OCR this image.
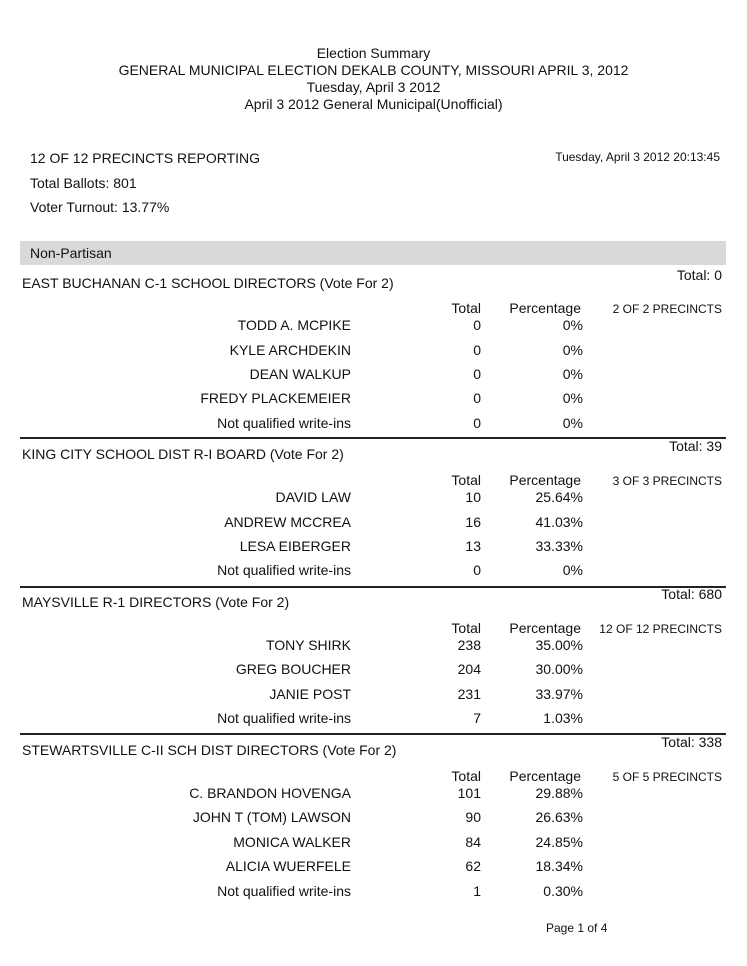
Election Summary
GENERAL MUNICIPAL ELECTION DEKALB COUNTY, MISSOURI APRIL 3, 2012
Tuesday, April 3 2012
April 3 2012 General Municipal(Unofficial)
12 OF 12 PRECINCTS REPORTING	Tuesday, April 3 2012 20:13:45
Total Ballots: 801
Voter Turnout: 13.77%
Non-Partisan
EAST BUCHANAN C-1 SCHOOL DIRECTORS (Vote For 2)	Total: 0
Total Percentage	2 OF 2 PRECINCTS
TODD A. MCPIKE	0	0%
KYLE ARCHDEKIN	0	0%
DEAN WALKUP	0	0%
FREDY PLACKEMEIER	0	0%
Not qualified write-ins	0	0%
KING CITY SCHOOL DIST R-I BOARD (Vote For 2)	Total: 39
Total Percentage	3 OF 3 PRECINCTS
DAVID LAW	10	25.64%
ANDREW MCCREA	16	41.03%
LESA EIBERGER	13	33.33%
Not qualified write-ins	0	0%
MAYSVILLE R-1 DIRECTORS (Vote For 2)	Total: 680
Total Percentage 12 OF 12 PRECINCTS
TONY SHIRK	238	35.00%
GREG BOUCHER	204	30.00%
JANIE POST	231	33.97%
Not qualified write-ins	7	1.03%
STEWARTSVILLE C-II SCH DIST DIRECTORS (Vote For 2)	Total: 338
Total Percentage	5 OF 5 PRECINCTS
C. BRANDON HOVENGA	101	29.88%
JOHN T (TOM) LAWSON	90	26.63%
MONICA WALKER	84	24.85%
ALICIA WUERFELE	62	18.34%
Not qualified write-ins	1	0.30%
Page 1 of 4
